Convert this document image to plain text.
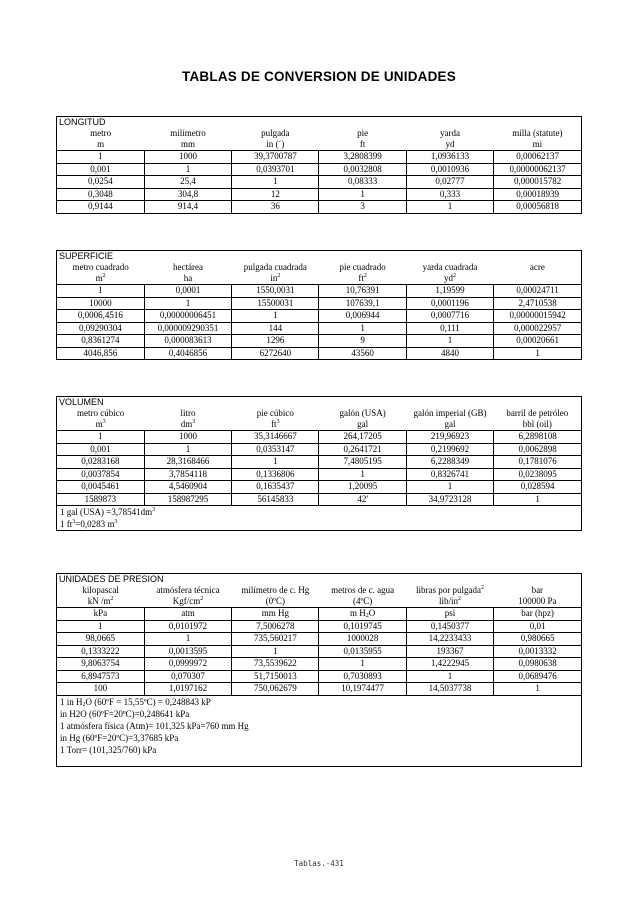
TABLAS DE CONVERSION DE UNIDADES
LONGITUD
metro	milímetro	pulgada	pie	yarda	milla (statute)
m	mm	in (´)	ft	yd	mi
1	1000	39,3700787	3,2808399	1,0936133	0,00062137
0,001	1	0,0393701	0,0032808	0,0010936	0,00000062137
0,0254	25,4	1	0,08333	0,02777	0,000015782
0,3048	304,8	12	1	0,333	0,00018939
0,9144	914,4	36	3	1	0,00056818
SUPERFICIE
metro cuadrado	hectárea	pulgada cuadrada	pie cuadrado	yarda cuadrada	acre
$m^2$	ha	$in^2$	$ft^2$	$yd^2$	
1	0,0001	1550,0031	10,76391	1,19599	0,00024711
10000	1	15500031	107639,1	0,0001196	2,4710538
0,0006,4516	0,00000006451	1	0,006944	0,0007716	0,00000015942
0,09290304	0,000009290351	144	1	0,111	0,000022957
0,8361274	0,000083613	1296	9	1	0,00020661
4046,856	0,4046856	6272640	43560	4840	1
VOLUMEN
metro cúbico	litro	pie cúbico	galón (USA)	galón imperial (GB)	barril de petróleo
$m^3$	$dm^3$	$ft^3$	gal	gal	bbl (oil)
1	1000	35,3146667	264,17205	219,96923	6,2898108
0,001	1	0,0353147	0,2641721	0,2199692	0,0062898
0,0283168	28,3168466	1	7,4805195	6,2288349	0,1781076
0,0037854	3,7854118	0,1336806	1	0,8326741	0,0238095
0,0045461	4,5460904	0,1635437	1,20095	1	0,028594
1589873	158987295	56145833	42'	34,9723128	1
1 gal $(USA) =3,78541dm^3$
1 $ft^3=0,0283$ $m^3$
UNIDADES DE PRESION
kilopascal	atmósfera técnica	milímetro de c. Hg	metros de c. agua	libras por pulgada$^2$	bar
kN $/m^2$	Kgf/$cm^2$	(0ºC)	(4ºC)	lib/$in^2$	100000 Pa
kPa	atm	mm Hg	m $H_2O$	psi	bar (hpz)
1	0,0101972	7,5006278	0,1019745	0,1450377	0,01
98,0665	1	735,560217	1000028	14,2233433	0,980665
0,1333222	0,0013595	1	0,0135955	193367	0,0013332
9,8063754	0,0999972	73,5539622	1	1,4222945	0,0980638
6,8947573	0,070307	51,7150013	0,7030893	1	0,0689476
100	1,0197162	750,062679	10,1974477	14,5037738	1
1 in $H_2O$ (60ºF = 15,55ºC) = 0,248843 kP
in H2O (60ºF=20ºC)=0,248641 kPa
1 atmósfera física (Atm)= 101,325 kPa=760 mm Hg
in Hg (60ºF=20ºC)=3,37685 kPa
1 Torr= (101,325/760) kPa
Tablas.-431
